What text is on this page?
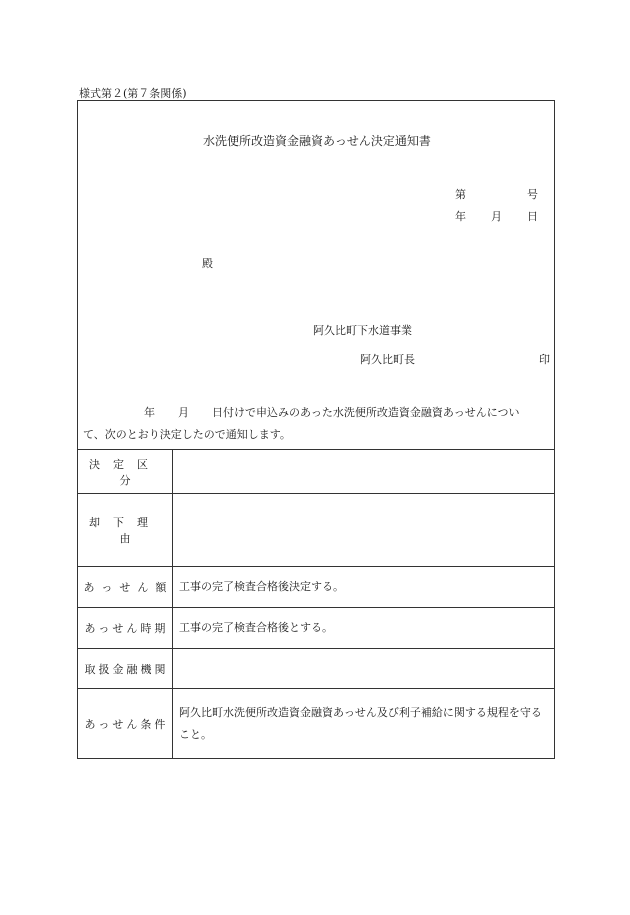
様式第２(第７条関係)
水洗便所改造資金融資あっせん決定通知書
第	号
年 月 日
殿
阿久比町下水道事業
阿久比町長	印
年 月 日付けで申込みのあった水洗便所改造資金融資あっせんについ
て、次のとおり決定したので通知します。
決定区分	
却下理由	
あっせん額	工事の完了検査合格後決定する。
あっせん時期	工事の完了検査合格後とする。
取扱金融機関	
あっせん条件	阿久比町水洗便所改造資金融資あっせん及び利子補給に関する規程を守ること。
